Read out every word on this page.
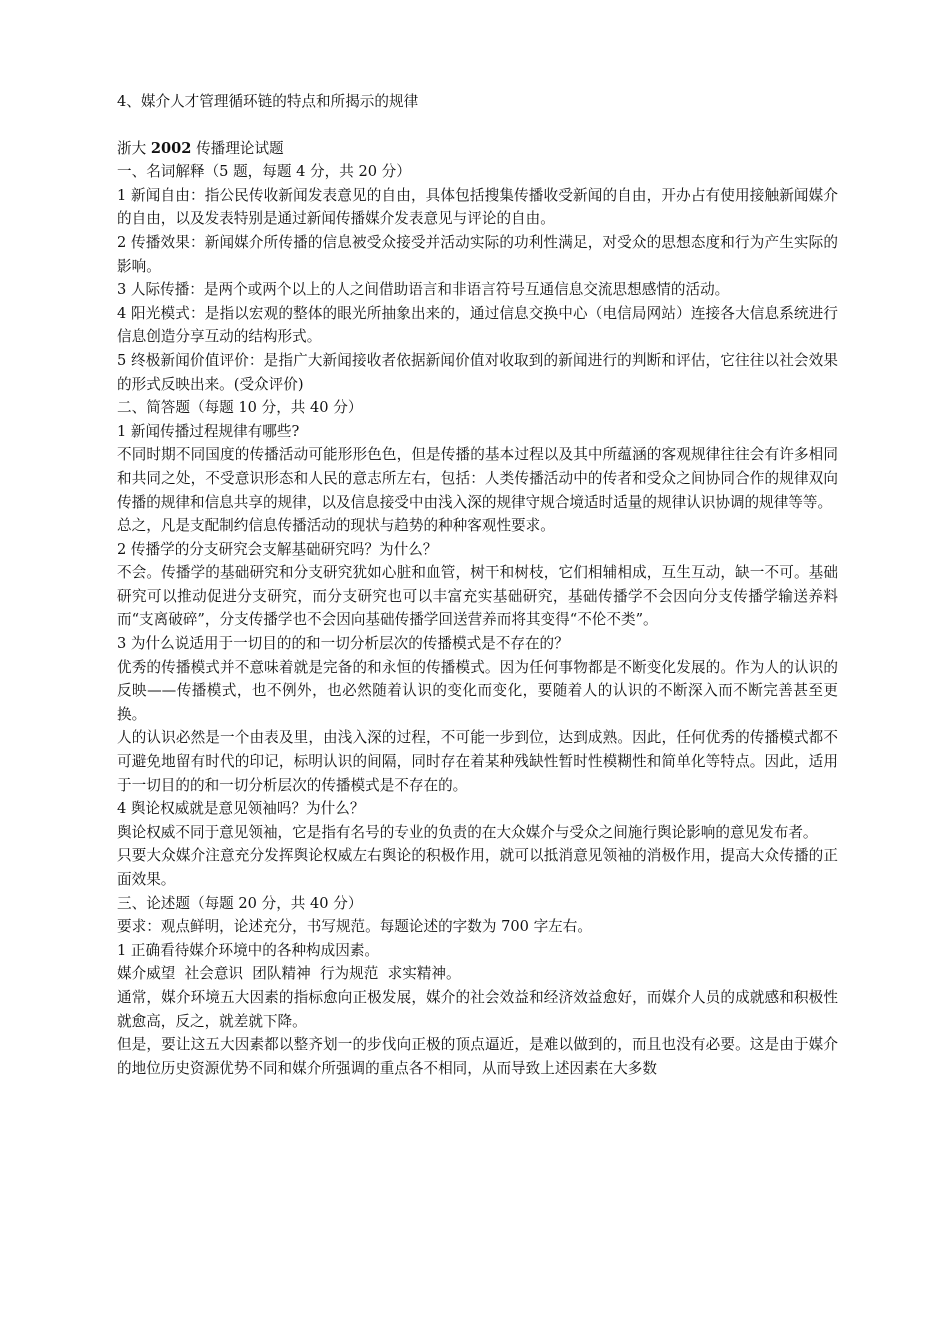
4、媒介人才管理循环链的特点和所揭示的规律

浙大 2002 传播理论试题

一、名词解释（5 题，每题 4 分，共 20 分）

1 新闻自由：指公民传收新闻发表意见的自由，具体包括搜集传播收受新闻的自由，开办占有使用接触新闻媒介的自由，以及发表特别是通过新闻传播媒介发表意见与评论的自由。

2 传播效果：新闻媒介所传播的信息被受众接受并活动实际的功利性满足，对受众的思想态度和行为产生实际的影响。

3 人际传播：是两个或两个以上的人之间借助语言和非语言符号互通信息交流思想感情的活动。

4 阳光模式：是指以宏观的整体的眼光所抽象出来的，通过信息交换中心（电信局网站）连接各大信息系统进行信息创造分享互动的结构形式。

5 终极新闻价值评价：是指广大新闻接收者依据新闻价值对收取到的新闻进行的判断和评估，它往往以社会效果的形式反映出来。(受众评价)

二、简答题（每题 10 分，共 40 分）

1 新闻传播过程规律有哪些?

不同时期不同国度的传播活动可能形形色色，但是传播的基本过程以及其中所蕴涵的客观规律往往会有许多相同和共同之处，不受意识形态和人民的意志所左右，包括：人类传播活动中的传者和受众之间协同合作的规律双向传播的规律和信息共享的规律，以及信息接受中由浅入深的规律守规合境适时适量的规律认识协调的规律等等。

总之，凡是支配制约信息传播活动的现状与趋势的种种客观性要求。

2 传播学的分支研究会支解基础研究吗？为什么？

不会。传播学的基础研究和分支研究犹如心脏和血管，树干和树枝，它们相辅相成，互生互动，缺一不可。基础研究可以推动促进分支研究，而分支研究也可以丰富充实基础研究，基础传播学不会因向分支传播学输送养料而“支离破碎”，分支传播学也不会因向基础传播学回送营养而将其变得“不伦不类”。

3 为什么说适用于一切目的的和一切分析层次的传播模式是不存在的？

优秀的传播模式并不意味着就是完备的和永恒的传播模式。因为任何事物都是不断变化发展的。作为人的认识的反映——传播模式，也不例外，也必然随着认识的变化而变化，要随着人的认识的不断深入而不断完善甚至更换。

人的认识必然是一个由表及里，由浅入深的过程，不可能一步到位，达到成熟。因此，任何优秀的传播模式都不可避免地留有时代的印记，标明认识的间隔，同时存在着某种残缺性暂时性模糊性和简单化等特点。因此，适用于一切目的的和一切分析层次的传播模式是不存在的。

4 舆论权威就是意见领袖吗？为什么？

舆论权威不同于意见领袖，它是指有名号的专业的负责的在大众媒介与受众之间施行舆论影响的意见发布者。

只要大众媒介注意充分发挥舆论权威左右舆论的积极作用，就可以抵消意见领袖的消极作用，提高大众传播的正面效果。

三、论述题（每题 20 分，共 40 分）

要求：观点鲜明，论述充分，书写规范。每题论述的字数为 700 字左右。

1 正确看待媒介环境中的各种构成因素。

媒介威望  社会意识  团队精神  行为规范  求实精神。

通常，媒介环境五大因素的指标愈向正极发展，媒介的社会效益和经济效益愈好，而媒介人员的成就感和积极性就愈高，反之，就差就下降。

但是，要让这五大因素都以整齐划一的步伐向正极的顶点逼近，是难以做到的，而且也没有必要。这是由于媒介的地位历史资源优势不同和媒介所强调的重点各不相同，从而导致上述因素在大多数
